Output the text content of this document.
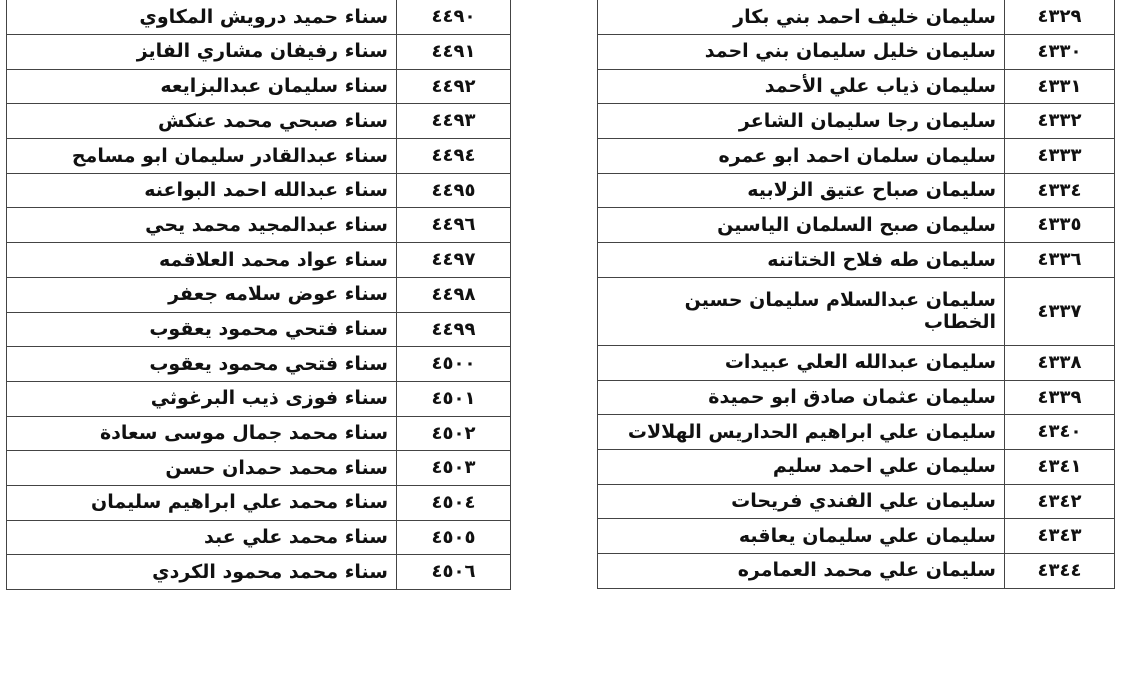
٤٤٩٠	سناء حميد درويش المكاوي
٤٤٩١	سناء رفيفان مشاري الفايز
٤٤٩٢	سناء سليمان عبدالبزايعه
٤٤٩٣	سناء صبحي محمد عنكش
٤٤٩٤	سناء عبدالقادر سليمان ابو مسامح
٤٤٩٥	سناء عبدالله احمد البواعنه
٤٤٩٦	سناء عبدالمجيد محمد يحي
٤٤٩٧	سناء عواد محمد العلاقمه
٤٤٩٨	سناء عوض سلامه جعفر
٤٤٩٩	سناء فتحي محمود يعقوب
٤٥٠٠	سناء فتحي محمود يعقوب
٤٥٠١	سناء فوزى ذيب البرغوثي
٤٥٠٢	سناء محمد جمال موسى سعادة
٤٥٠٣	سناء محمد حمدان حسن
٤٥٠٤	سناء محمد علي ابراهيم سليمان
٤٥٠٥	سناء محمد علي عبد
٤٥٠٦	سناء محمد محمود الكردي
٤٣٢٩	سليمان خليف احمد بني بكار
٤٣٣٠	سليمان خليل سليمان بني احمد
٤٣٣١	سليمان ذياب علي الأحمد
٤٣٣٢	سليمان رجا سليمان الشاعر
٤٣٣٣	سليمان سلمان احمد ابو عمره
٤٣٣٤	سليمان صباح عتيق الزلابيه
٤٣٣٥	سليمان صبح السلمان الياسين
٤٣٣٦	سليمان طه فلاح الختاتنه
٤٣٣٧	سليمان عبدالسلام سليمان حسين الخطاب
٤٣٣٨	سليمان عبدالله العلي عبيدات
٤٣٣٩	سليمان عثمان صادق ابو حميدة
٤٣٤٠	سليمان علي ابراهيم الحداريس الهلالات
٤٣٤١	سليمان علي احمد سليم
٤٣٤٢	سليمان علي الفندي فريحات
٤٣٤٣	سليمان علي سليمان يعاقبه
٤٣٤٤	سليمان علي محمد العمامره
